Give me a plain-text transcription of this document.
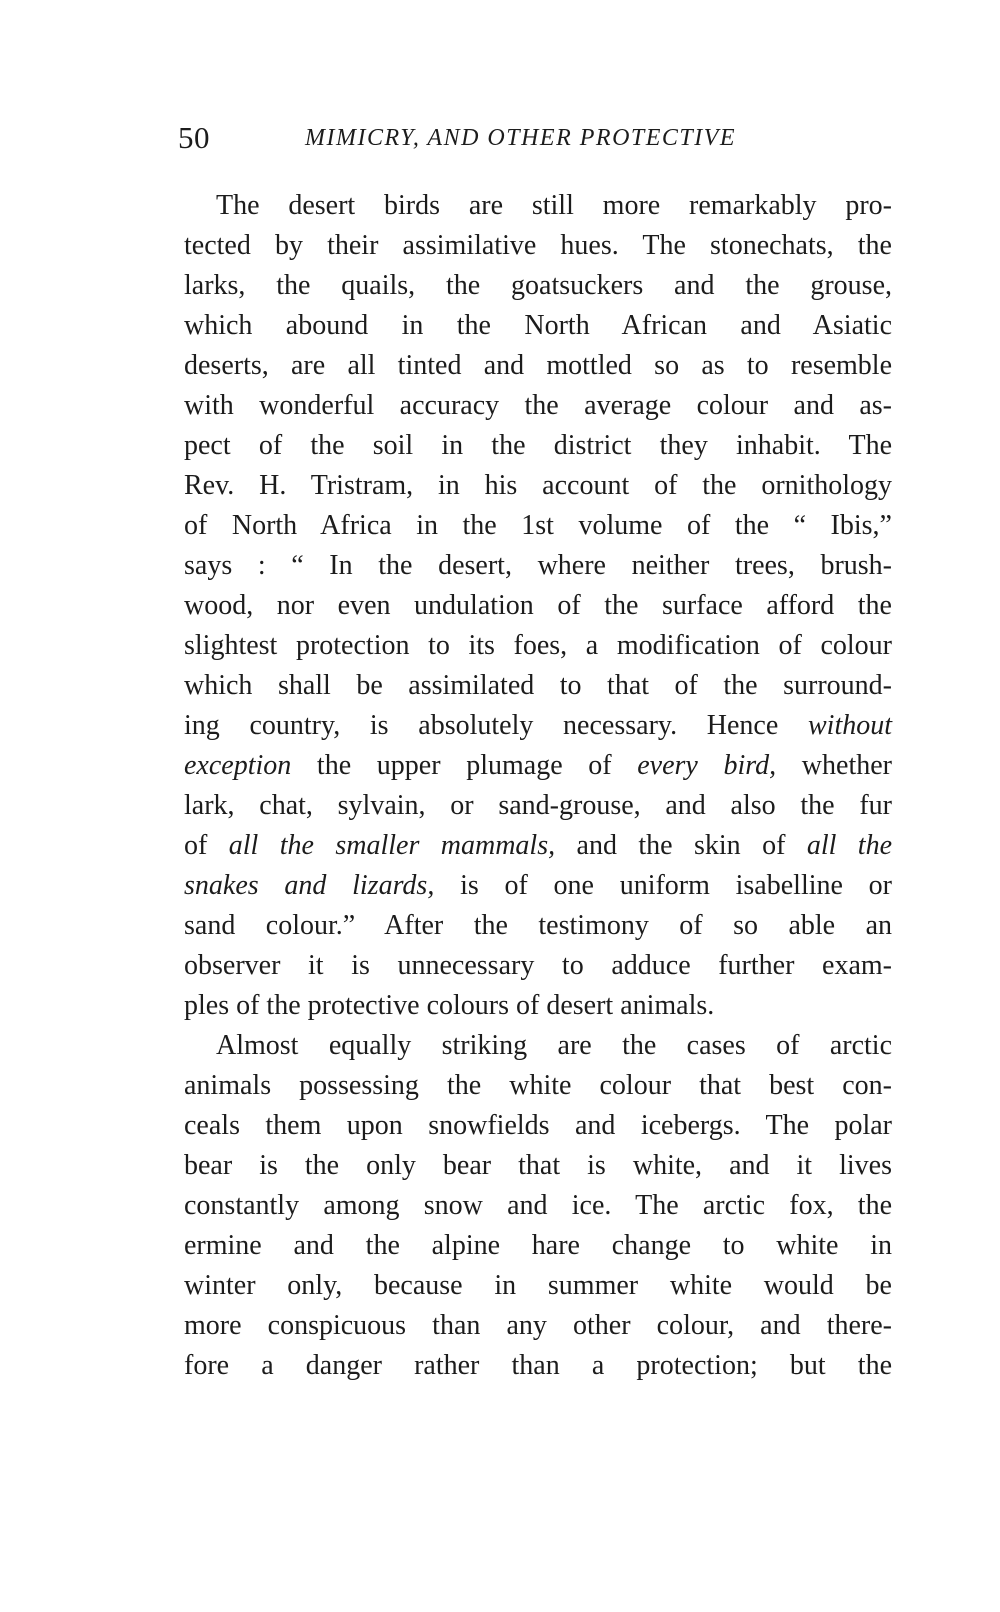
50	MIMICRY, AND OTHER PROTECTIVE
The desert birds are still more remarkably pro-
tected by their assimilative hues. The stonechats, the
larks, the quails, the goatsuckers and the grouse,
which abound in the North African and Asiatic
deserts, are all tinted and mottled so as to resemble
with wonderful accuracy the average colour and as-
pect of the soil in the district they inhabit. The
Rev. H. Tristram, in his account of the ornithology
of North Africa in the 1st volume of the “ Ibis,”
says : “ In the desert, where neither trees, brush-
wood, nor even undulation of the surface afford the
slightest protection to its foes, a modification of colour
which shall be assimilated to that of the surround-
ing country, is absolutely necessary. Hence without
exception the upper plumage of every bird, whether
lark, chat, sylvain, or sand-grouse, and also the fur
of all the smaller mammals, and the skin of all the
snakes and lizards, is of one uniform isabelline or
sand colour.” After the testimony of so able an
observer it is unnecessary to adduce further exam-
ples of the protective colours of desert animals.
Almost equally striking are the cases of arctic
animals possessing the white colour that best con-
ceals them upon snowfields and icebergs. The polar
bear is the only bear that is white, and it lives
constantly among snow and ice. The arctic fox, the
ermine and the alpine hare change to white in
winter only, because in summer white would be
more conspicuous than any other colour, and there-
fore a danger rather than a protection; but the
